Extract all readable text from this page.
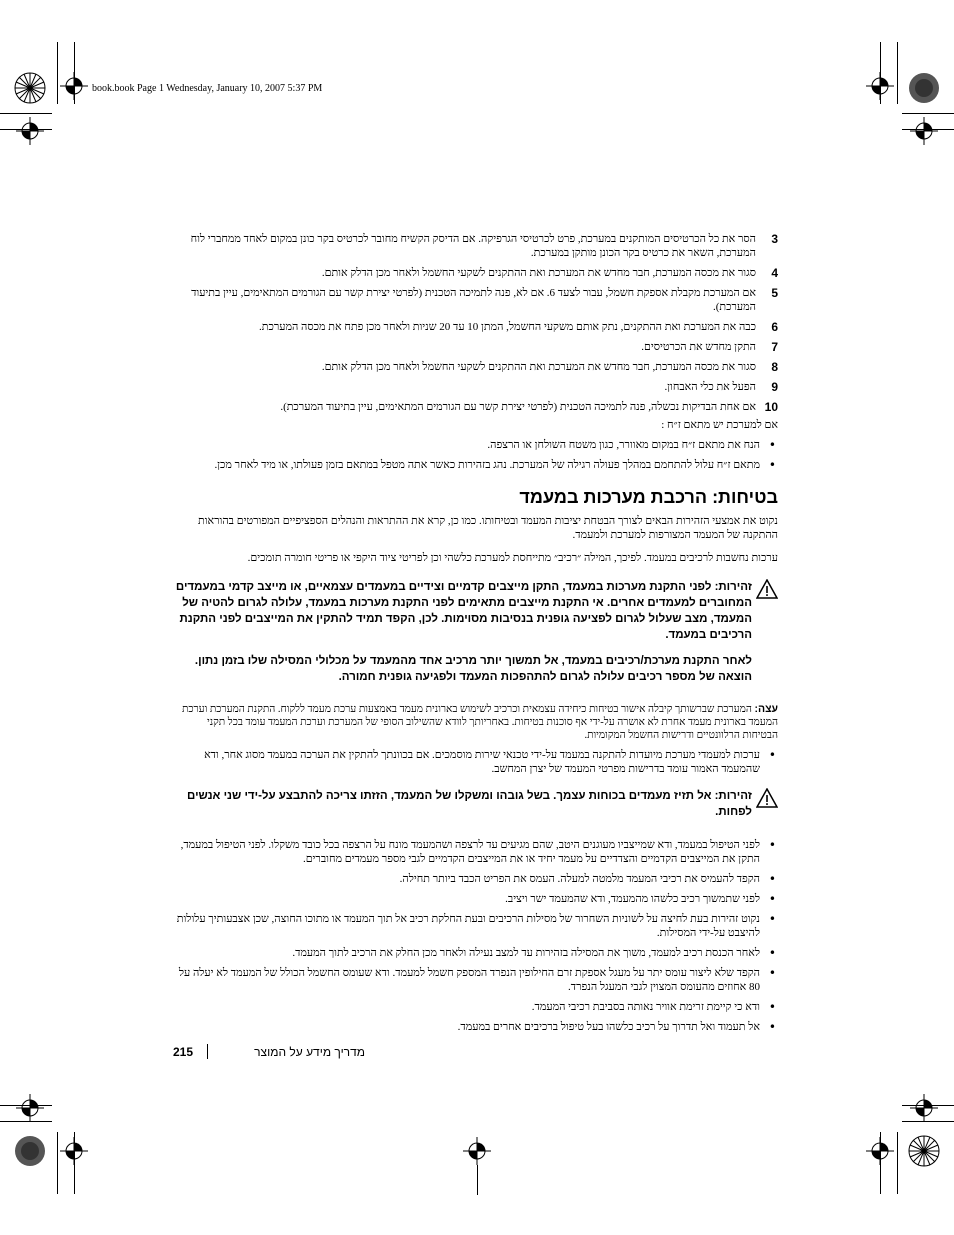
book.book Page 1 Wednesday, January 10, 2007 5:37 PM
3
הסר את כל הכרטיסים המותקנים במערכת, פרט לכרטיסי הגרפיקה. אם הדיסק הקשיח מחובר לכרטיס בקר כונן במקום לאחד ממחברי לוח המערכת, השאר את כרטיס בקר הכונן מותקן במערכת.
4
סגור את מכסה המערכת, חבר מחדש את המערכת ואת ההתקנים לשקעי החשמל ולאחר מכן הדלק אותם.
5
אם המערכת מקבלת אספקת חשמל, עבור לצעד 6. אם לא, פנה לתמיכה הטכנית (לפרטי יצירת קשר עם הגורמים המתאימים, עיין בתיעוד המערכת).
6
כבה את המערכת ואת ההתקנים, נתק אותם משקעי החשמל, המתן 10 עד 20 שניות ולאחר מכן פתח את מכסה המערכת.
7
התקן מחדש את הכרטיסים.
8
סגור את מכסה המערכת, חבר מחדש את המערכת ואת ההתקנים לשקעי החשמל ולאחר מכן הדלק אותם.
9
הפעל את כלי האבחון.
10
אם אחת הבדיקות נכשלה, פנה לתמיכה הטכנית (לפרטי יצירת קשר עם הגורמים המתאימים, עיין בתיעוד המערכת).
אם למערכת יש מתאם ז״ח :
• הנח את מתאם ז״ח במקום מאוורר, כגון משטח השולחן או הרצפה.
• מתאם ז״ח עלול להתחמם במהלך פעולה רגילה של המערכת. נהג בזהירות כאשר אתה מטפל במתאם בזמן פעולתו, או מיד לאחר מכן.
בטיחות: הרכבת מערכות במעמד

נקוט את אמצעי הזהירות הבאים לצורך הבטחת יציבות המעמד ובטיחותו. כמו כן, קרא את ההתראות והנהלים הספציפיים המפורטים בהוראות ההתקנה של המעמד המצורפות למערכת ולמעמד.

ערכות נחשבות לרכיבים במעמד. לפיכך, המילה ״רכיב״ מתייחסת למערכת כלשהי וכן לפריטי ציוד היקפי או פריטי חומרה תומכים.

זהירות: לפני התקנת מערכות במעמד, התקן מייצבים קדמיים וצידיים במעמדים עצמאיים, או מייצב קדמי במעמדים המחוברים למעמדים אחרים. אי התקנת מייצבים מתאימים לפני התקנת מערכות במעמד, עלולה לגרום להטיה של המעמד, מצב שעלול לגרום לפציעה גופנית בנסיבות מסוימות. לכן, הקפד תמיד להתקין את המייצבים לפני התקנת הרכיבים במעמד.

לאחר התקנת מערכת/רכיבים במעמד, אל תמשוך יותר מרכיב אחד מהמעמד על מכלולי המסילה שלו בזמן נתון. הוצאה של מספר רכיבים עלולה לגרום להתהפכות המעמד ולפגיעה גופנית חמורה.

עצה: המערכת שברשותך קיבלה אישור בטיחות כיחידה עצמאית וכרכיב לשימוש בארונית מעמד באמצעות ערכת מעמד ללקוח. התקנת המערכת וערכת המעמד בארונית מעמד אחרת לא אושרה על-ידי אף סוכנות בטיחות. באחריותך לוודא שהשילוב הסופי של המערכת וערכת המעמד עומד בכל תקני הבטיחות הרלוונטיים ודרישות החשמל המקומיות.

• ערכות למעמדי מערכת מיועדות להתקנה במעמד על-ידי טכנאי שירות מוסמכים. אם בכוונתך להתקין את הערכה במעמד מסוג אחר, ודא שהמעמד האמור עומד בדרישות מפרטי המעמד של יצרן המחשב.

זהירות: אל תזיז מעמדים בכוחות עצמך. בשל גובהו ומשקלו של המעמד, הזזתו צריכה להתבצע על-ידי שני אנשים לפחות.

• לפני הטיפול במעמד, ודא שמייצביו מעוגנים היטב, שהם מגיעים עד לרצפה ושהמעמד מונח על הרצפה בכל כובד משקלו. לפני הטיפול במעמד, התקן את המייצבים הקדמיים והצדדיים על מעמד יחיד או את המייצבים הקדמיים לגבי מספר מעמדים מחוברים.
• הקפד להעמיס את רכיבי המעמד מלמטה למעלה. העמס את הפריט הכבד ביותר תחילה.
• לפני שתמשוך רכיב כלשהו מהמעמד, ודא שהמעמד ישר ויציב.
• נקוט זהירות בעת לחיצה על לשוניות השחרור של מסילות הרכיבים ובעת החלקת רכיב אל תוך המעמד או מתוכו החוצה, שכן אצבעותיך עלולות להיצבט על-ידי המסילות.
• לאחר הכנסת רכיב למעמד, משוך את המסילה בזהירות עד למצב נעילה ולאחר מכן החלק את הרכיב לתוך המעמד.
• הקפד שלא ליצור עומס יתר על מעגל אספקת זרם החילופין הנפרד המספק חשמל למעמד. ודא שעומס החשמל הכולל של המעמד לא יעלה על 80 אחוזים מהעומס המצוין לגבי המעגל הנפרד.
• ודא כי קיימת זרימת אוויר נאותה בסביבת רכיבי המעמד.
• אל תעמוד ואל תדרוך על רכיב כלשהו בעל טיפול ברכיבים אחרים במעמד.
215	מדריך מידע על המוצר
